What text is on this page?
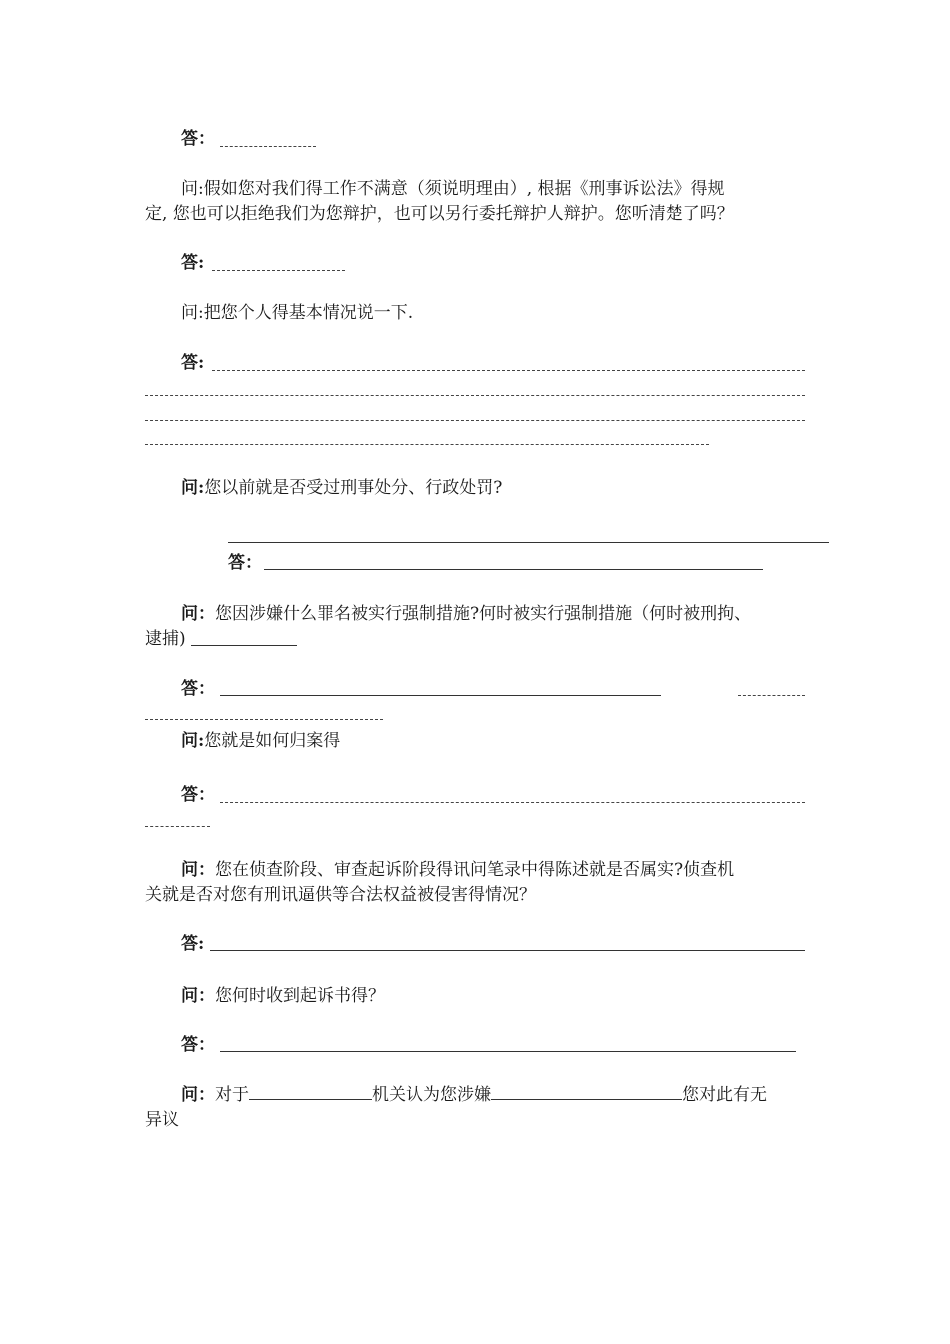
答：
问:假如您对我们得工作不满意（须说明理由）, 根据《刑事诉讼法》得规
定, 您也可以拒绝我们为您辩护，也可以另行委托辩护人辩护。您听清楚了吗？
答:
问:把您个人得基本情况说一下.
答:
问:您以前就是否受过刑事处分、行政处罚?
答：
问：您因涉嫌什么罪名被实行强制措施?何时被实行强制措施（何时被刑拘、
逮捕)
答：
问:您就是如何归案得
答：
问：您在侦查阶段、审查起诉阶段得讯问笔录中得陈述就是否属实?侦查机
关就是否对您有刑讯逼供等合法权益被侵害得情况？
答:
问：您何时收到起诉书得？
答：
问：对于	机关认为您涉嫌	您对此有无
异议
